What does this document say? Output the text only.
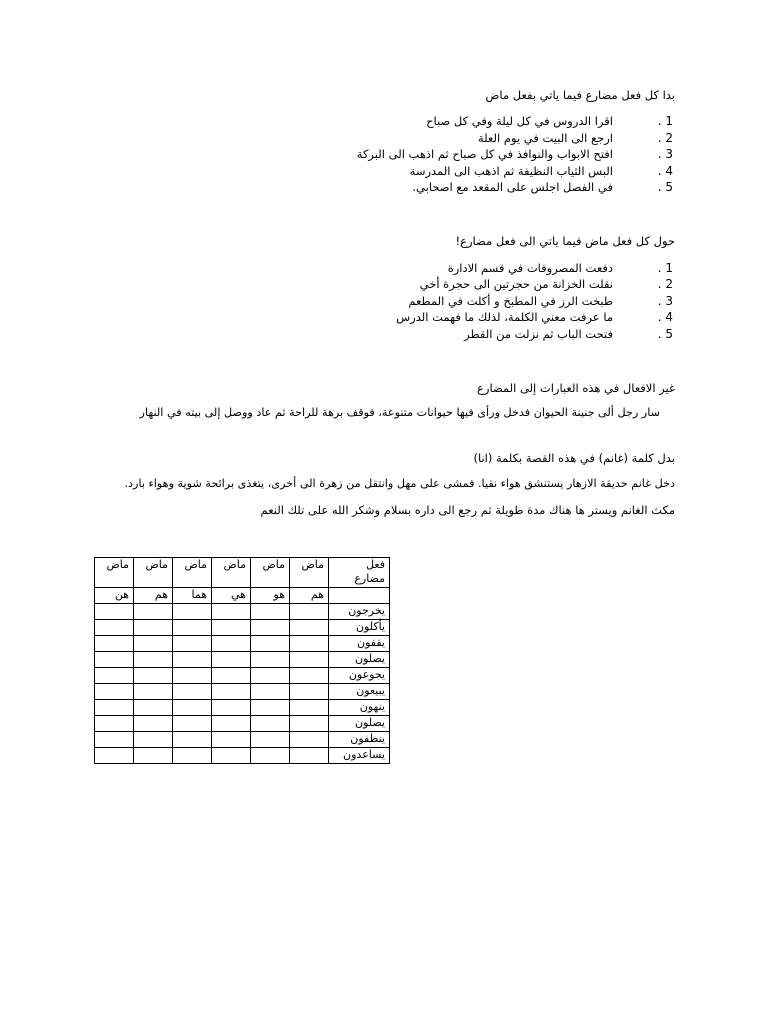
بدا كل فعل مضارع فيما ياتي بفعل ماض
1 .
اقرا الدروس في كل ليلة وفي كل صباح
2 .
ارجع الى البيت في يوم العلة
3 .
افتح الابواب والنوافذ في كل صباح ثم اذهب الى البركة
4 .
البس الثياب النظيفة ثم اذهب الى المدرسة
5 .
في الفصل اجلس على المقعد مع اصحابي.
حول كل فعل ماض فيما ياتي الى فعل مضارع!
1 .
دفعت المصروفات في قسم الادارة
2 .
نقلت الخزانة من حجرتين الى حجرة أخي
3 .
طبخت الرز في المطبخ و أكلت في المطعم
4 .
ما عرفت معني الكلمة، لذلك ما فهمت الدرس
5 .
فتحت الباب ثم نزلت من القطر
غير الافعال في هذه العبارات إلى المضارع
سار رجل ألى جنينة الحيوان فدخل ورأى فيها حيوانات متنوعة، فوقف برهة للراحة ثم عاد ووصل إلى بيته في النهار
بدل كلمة (غانم) في هذه القصة بكلمة (انا)
دخل غانم حديقة الازهار يستنشق هواء نقيا. فمشى على مهل وانتقل من زهرة الى أخرى، يتغذى برائحة شوية وهواء بارد.
مكث الغانم ويستر ها هناك مدة طويلة ثم رجع الى داره بسلام وشكر الله على تلك النعم
فعل مضارع	ماض	ماض	ماض	ماض	ماض	ماض
	هم	هو	هي	هما	هم	هن
يخرجون						
يأكلون						
يقفون						
يصلون						
يجوعون						
يبيعون						
ينهون						
يصلون						
ينظفون						
يساعدون						
